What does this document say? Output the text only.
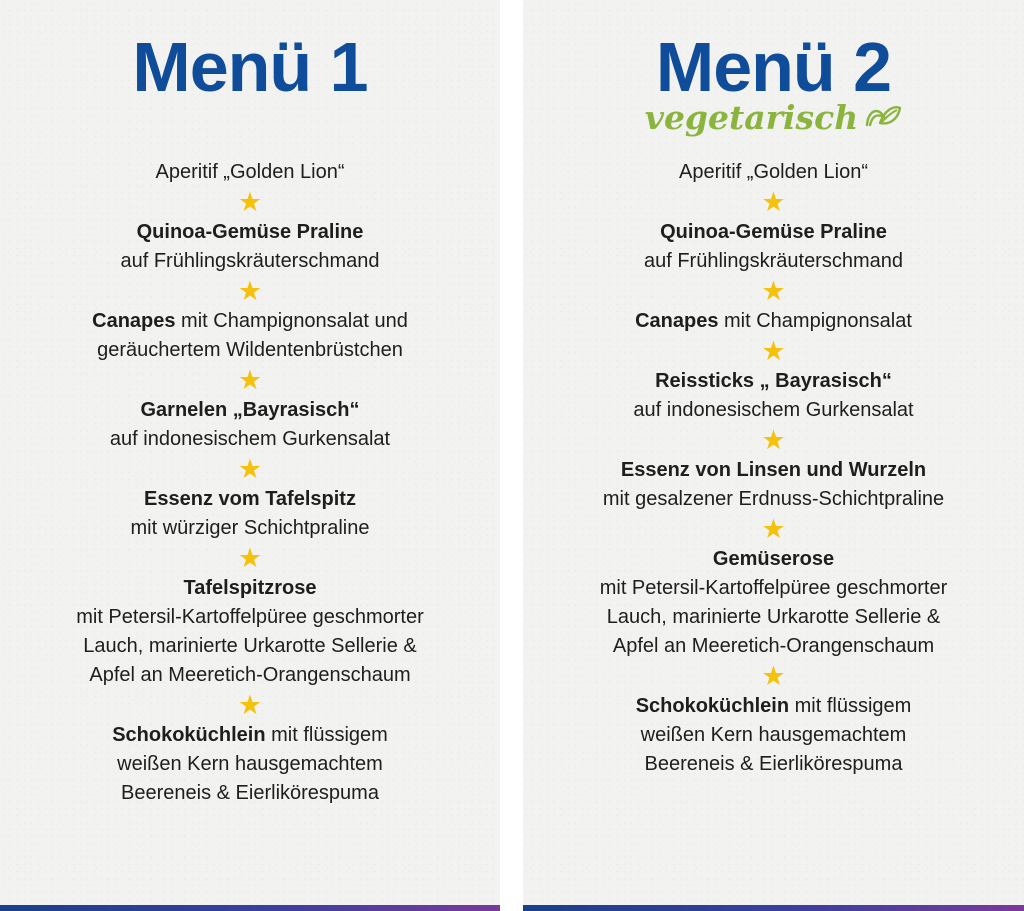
Menü 1
Aperitif „Golden Lion“
★
Quinoa-Gemüse Praline
auf Frühlingskräuterschmand
★
Canapes mit Champignonsalat und
geräuchertem Wildentenbrüstchen
★
Garnelen „Bayrasisch“
auf indonesischem Gurkensalat
★
Essenz vom Tafelspitz
mit würziger Schichtpraline
★
Tafelspitzrose
mit Petersil-Kartoffelpüree geschmorter
Lauch, marinierte Urkarotte Sellerie &
Apfel an Meeretich-Orangenschaum
★
Schokoküchlein mit flüssigem
weißen Kern hausgemachtem
Beereneis & Eierlikörespuma
Menü 2
vegetarisch
Aperitif „Golden Lion“
★
Quinoa-Gemüse Praline
auf Frühlingskräuterschmand
★
Canapes mit Champignonsalat
★
Reissticks „ Bayrasisch“
auf indonesischem Gurkensalat
★
Essenz von Linsen und Wurzeln
mit gesalzener Erdnuss-Schichtpraline
★
Gemüserose
mit Petersil-Kartoffelpüree geschmorter
Lauch, marinierte Urkarotte Sellerie &
Apfel an Meeretich-Orangenschaum
★
Schokoküchlein mit flüssigem
weißen Kern hausgemachtem
Beereneis & Eierlikörespuma
